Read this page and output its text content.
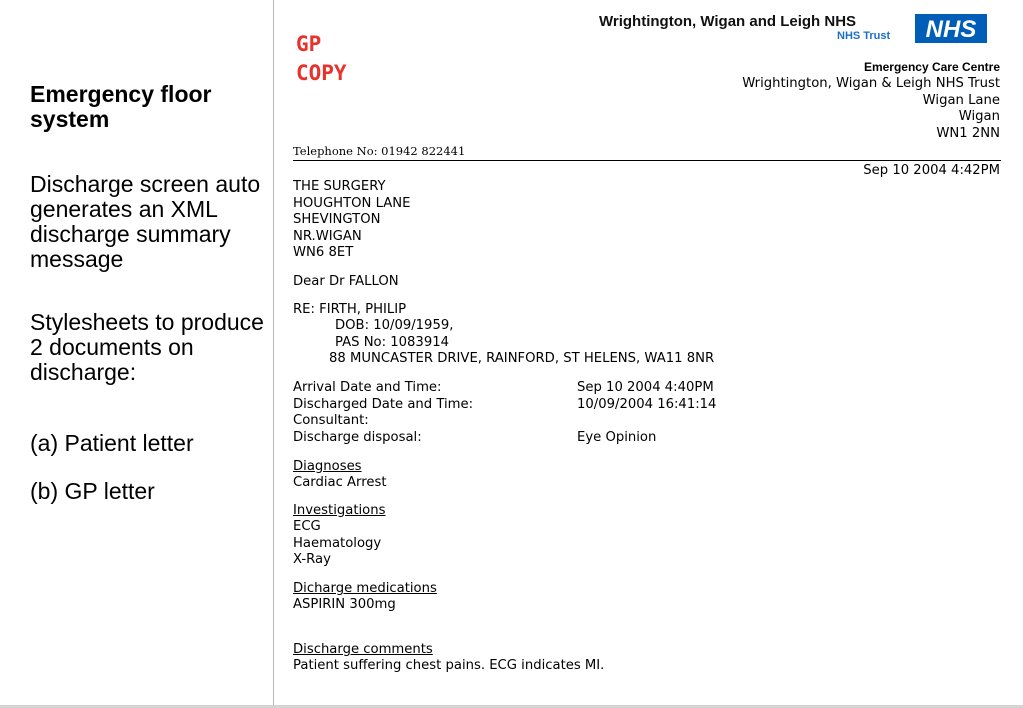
Emergency floor system
Discharge screen auto generates an XML discharge summary message
Stylesheets to produce 2 documents on discharge:
(a) Patient letter
(b) GP letter
GP
COPY
Wrightington, Wigan and Leigh NHS
NHS Trust NHS
Emergency Care Centre
Wrightington, Wigan & Leigh NHS Trust
Wigan Lane
Wigan
WN1 2NN
Telephone No: 01942 822441
Sep 10 2004 4:42PM
THE SURGERY
HOUGHTON LANE
SHEVINGTON
NR.WIGAN
WN6 8ET
Dear Dr FALLON
RE: FIRTH, PHILIP
DOB: 10/09/1959,
PAS No: 1083914
88 MUNCASTER DRIVE, RAINFORD, ST HELENS, WA11 8NR
Arrival Date and Time:
Discharged Date and Time:
Consultant:
Discharge disposal:
Sep 10 2004 4:40PM
10/09/2004 16:41:14
Eye Opinion
Diagnoses
Cardiac Arrest
Investigations
ECG
Haematology
X-Ray
Dicharge medications
ASPIRIN 300mg
Discharge comments
Patient suffering chest pains. ECG indicates MI.
